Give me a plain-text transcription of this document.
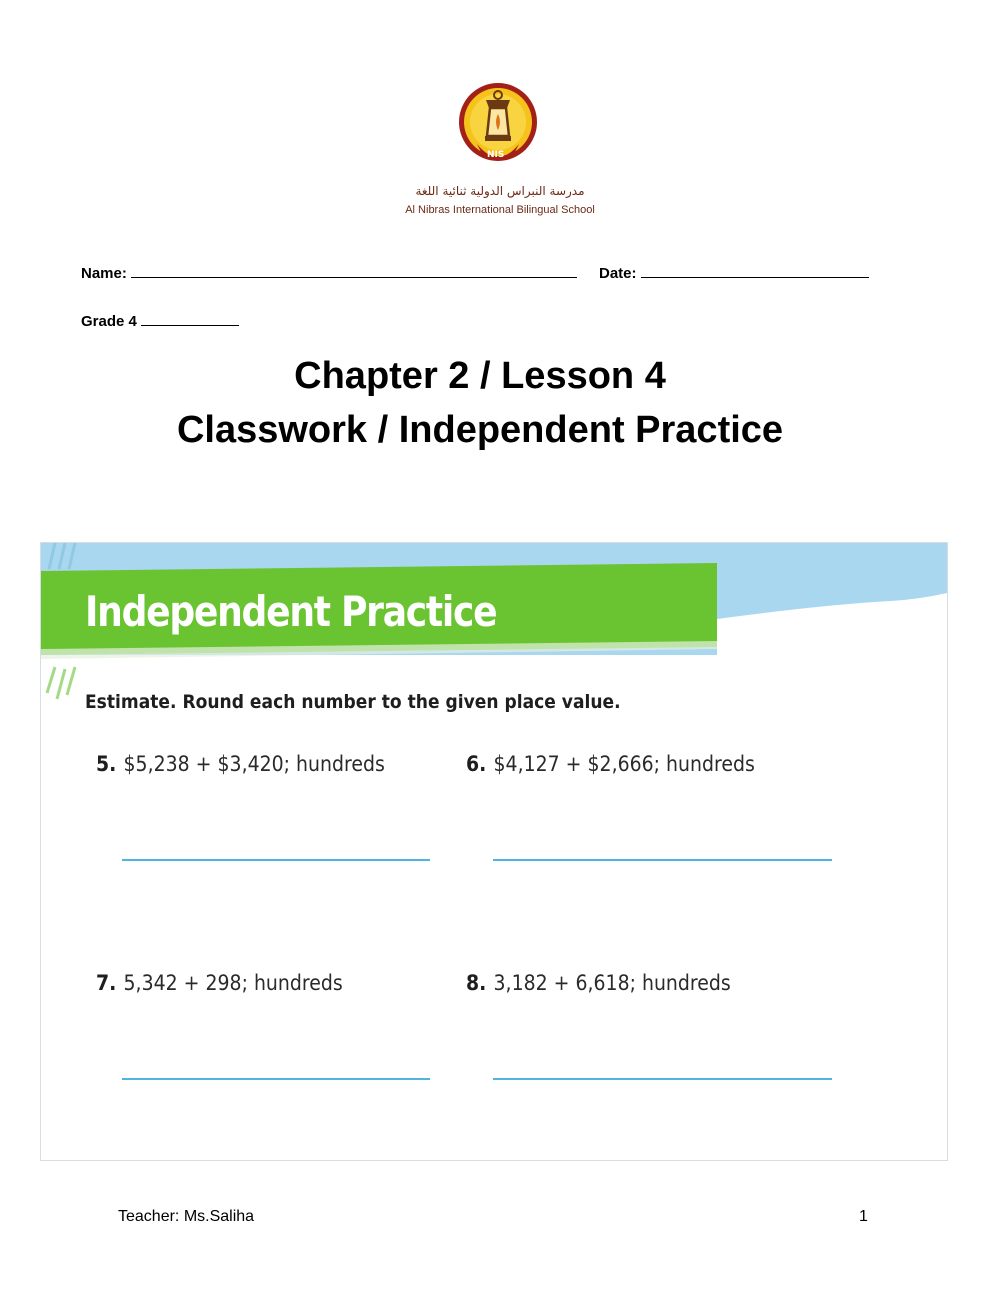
NIS
مدرسة النبراس الدولية ثنائية اللغة
Al Nibras International Bilingual School
Name:	Date:
Grade 4
Chapter 2 / Lesson 4
Classwork / Independent Practice
Independent Practice
Estimate. Round each number to the given place value.
5. $5,238 + $3,420; hundreds	6. $4,127 + $2,666; hundreds
7. 5,342 + 298; hundreds	8. 3,182 + 6,618; hundreds
Teacher: Ms.Saliha	1
